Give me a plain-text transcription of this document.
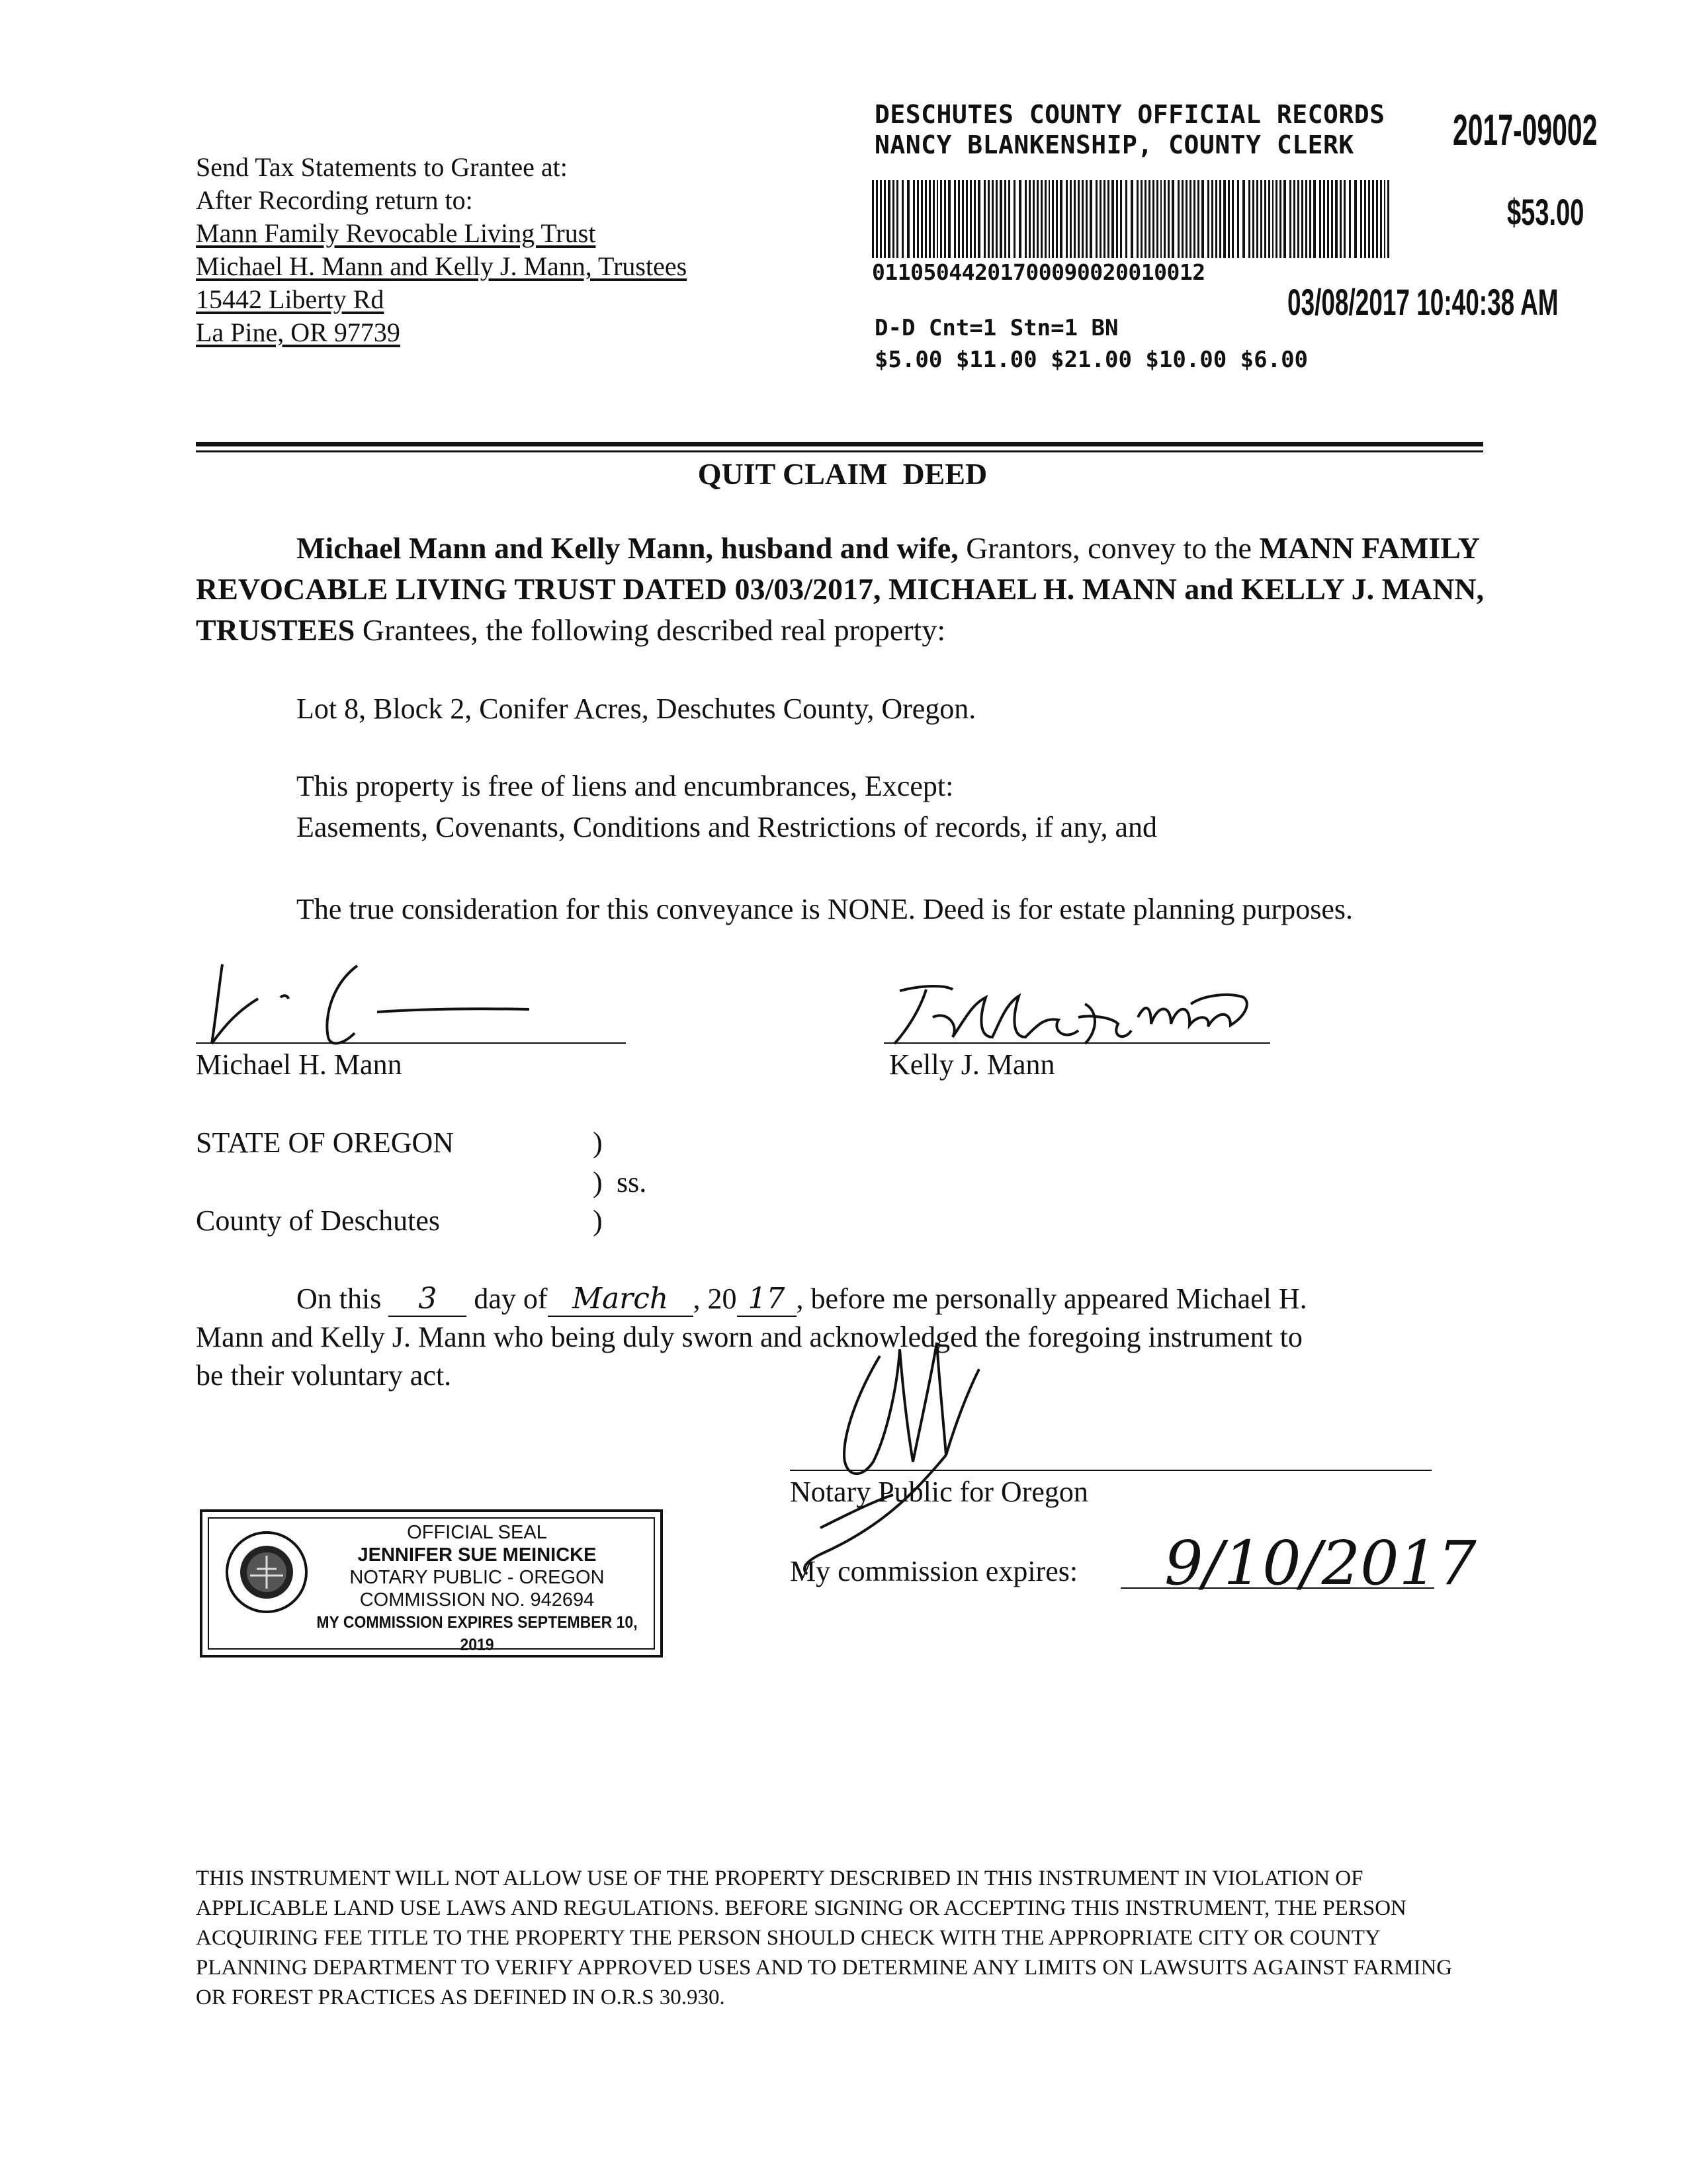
Send Tax Statements to Grantee at:
After Recording return to:
Mann Family Revocable Living Trust
Michael H. Mann and Kelly J. Mann, Trustees
15442 Liberty Rd
La Pine, OR 97739
DESCHUTES COUNTY OFFICIAL RECORDS
NANCY BLANKENSHIP, COUNTY CLERK	2017-09002
$53.00
01105044201700090020010012
03/08/2017 10:40:38 AM
D-D Cnt=1 Stn=1 BN
$5.00 $11.00 $21.00 $10.00 $6.00
QUIT CLAIM  DEED
Michael Mann and Kelly Mann, husband and wife, Grantors, convey to the MANN FAMILY REVOCABLE LIVING TRUST DATED 03/03/2017, MICHAEL H. MANN and KELLY J. MANN, TRUSTEES Grantees, the following described real property:
Lot 8, Block 2, Conifer Acres, Deschutes County, Oregon.
This property is free of liens and encumbrances, Except:
Easements, Covenants, Conditions and Restrictions of records, if any, and
The true consideration for this conveyance is NONE. Deed is for estate planning purposes.
Michael H. Mann	Kelly J. Mann
STATE OF OREGON	)
) ss.
County of Deschutes	)
On this 3 day of March , 20 17 , before me personally appeared Michael H.
Mann and Kelly J. Mann who being duly sworn and acknowledged the foregoing instrument to
be their voluntary act.
Notary Public for Oregon
My commission expires: 9/10/2017
OFFICIAL SEAL
JENNIFER SUE MEINICKE
NOTARY PUBLIC - OREGON
COMMISSION NO. 942694
MY COMMISSION EXPIRES SEPTEMBER 10, 2019
THIS INSTRUMENT WILL NOT ALLOW USE OF THE PROPERTY DESCRIBED IN THIS INSTRUMENT IN VIOLATION OF APPLICABLE LAND USE LAWS AND REGULATIONS. BEFORE SIGNING OR ACCEPTING THIS INSTRUMENT, THE PERSON ACQUIRING FEE TITLE TO THE PROPERTY THE PERSON SHOULD CHECK WITH THE APPROPRIATE CITY OR COUNTY PLANNING DEPARTMENT TO VERIFY APPROVED USES AND TO DETERMINE ANY LIMITS ON LAWSUITS AGAINST FARMING OR FOREST PRACTICES AS DEFINED IN O.R.S 30.930.
